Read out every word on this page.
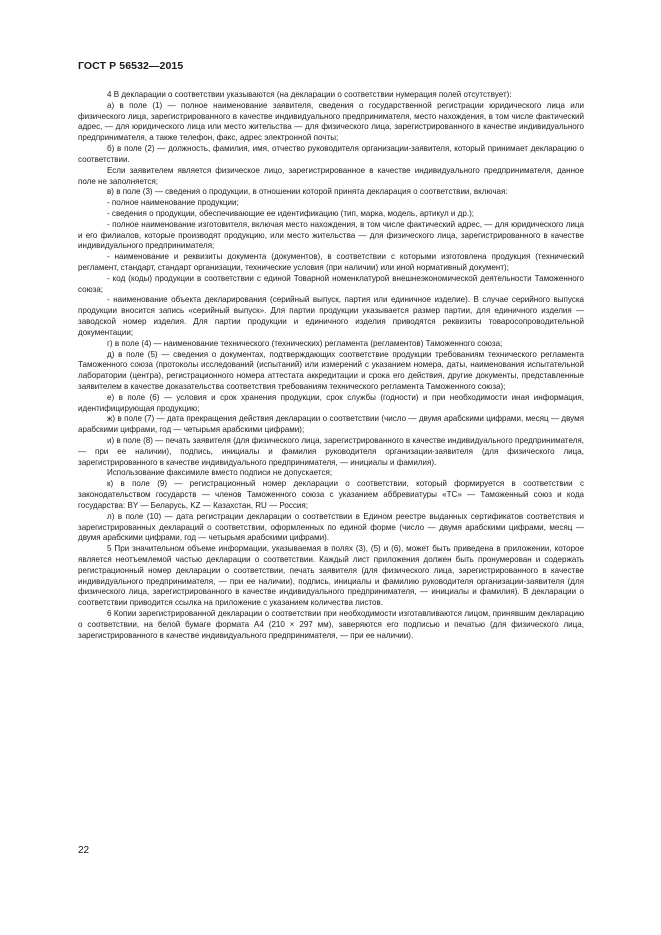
ГОСТ Р 56532—2015

4 В декларации о соответствии указываются (на декларации о соответствии нумерация полей отсутствует):

а) в поле (1) — полное наименование заявителя, сведения о государственной регистрации юридического лица или физического лица, зарегистрированного в качестве индивидуального предпринимателя, место нахождения, в том числе фактический адрес, — для юридического лица или место жительства — для физического лица, зарегистрированного в качестве индивидуального предпринимателя, а также телефон, факс, адрес электронной почты;

б) в поле (2) — должность, фамилия, имя, отчество руководителя организации-заявителя, который принимает декларацию о соответствии.

Если заявителем является физическое лицо, зарегистрированное в качестве индивидуального предпринимателя, данное поле не заполняется;

в) в поле (3) — сведения о продукции, в отношении которой принята декларация о соответствии, включая:

- полное наименование продукции;

- сведения о продукции, обеспечивающие ее идентификацию (тип, марка, модель, артикул и др.);

- полное наименование изготовителя, включая место нахождения, в том числе фактический адрес, — для юридического лица и его филиалов, которые производят продукцию, или место жительства — для физического лица, зарегистрированного в качестве индивидуального предпринимателя;

- наименование и реквизиты документа (документов), в соответствии с которыми изготовлена продукция (технический регламент, стандарт, стандарт организации, технические условия (при наличии) или иной нормативный документ);

- код (коды) продукции в соответствии с единой Товарной номенклатурой внешнеэкономической деятельности Таможенного союза;

- наименование объекта декларирования (серийный выпуск, партия или единичное изделие). В случае серийного выпуска продукции вносится запись «серийный выпуск». Для партии продукции указывается размер партии, для единичного изделия — заводской номер изделия. Для партии продукции и единичного изделия приводятся реквизиты товаросопроводительной документации;

г) в поле (4) — наименование технического (технических) регламента (регламентов) Таможенного союза;

д) в поле (5) — сведения о документах, подтверждающих соответствие продукции требованиям технического регламента Таможенного союза (протоколы исследований (испытаний) или измерений с указанием номера, даты, наименования испытательной лаборатории (центра), регистрационного номера аттестата аккредитации и срока его действия, другие документы, представленные заявителем в качестве доказательства соответствия требованиям технического регламента Таможенного союза);

е) в поле (6) — условия и срок хранения продукции, срок службы (годности) и при необходимости иная информация, идентифицирующая продукцию;

ж) в поле (7) — дата прекращения действия декларации о соответствии (число — двумя арабскими цифрами, месяц — двумя арабскими цифрами, год — четырьмя арабскими цифрами);

и) в поле (8) — печать заявителя (для физического лица, зарегистрированного в качестве индивидуального предпринимателя, — при ее наличии), подпись, инициалы и фамилия руководителя организации-заявителя (для физического лица, зарегистрированного в качестве индивидуального предпринимателя, — инициалы и фамилия).

Использование факсимиле вместо подписи не допускается;

к) в поле (9) — регистрационный номер декларации о соответствии, который формируется в соответствии с законодательством государств — членов Таможенного союза с указанием аббревиатуры «ТС» — Таможенный союз и кода государства: BY — Беларусь, KZ — Казахстан, RU — Россия;

л) в поле (10) — дата регистрации декларации о соответствии в Едином реестре выданных сертификатов соответствия и зарегистрированных деклараций о соответствии, оформленных по единой форме (число — двумя арабскими цифрами, месяц — двумя арабскими цифрами, год — четырьмя арабскими цифрами).

5 При значительном объеме информации, указываемая в полях (3), (5) и (6), может быть приведена в приложении, которое является неотъемлемой частью декларации о соответствии. Каждый лист приложения должен быть пронумерован и содержать регистрационный номер декларации о соответствии, печать заявителя (для физического лица, зарегистрированного в качестве индивидуального предпринимателя, — при ее наличии), подпись, инициалы и фамилию руководителя организации-заявителя (для физического лица, зарегистрированного в качестве индивидуального предпринимателя, — инициалы и фамилия). В декларации о соответствии приводится ссылка на приложение с указанием количества листов.

6 Копии зарегистрированной декларации о соответствии при необходимости изготавливаются лицом, принявшим декларацию о соответствии, на белой бумаге формата А4 (210 × 297 мм), заверяются его подписью и печатью (для физического лица, зарегистрированного в качестве индивидуального предпринимателя, — при ее наличии).

22
